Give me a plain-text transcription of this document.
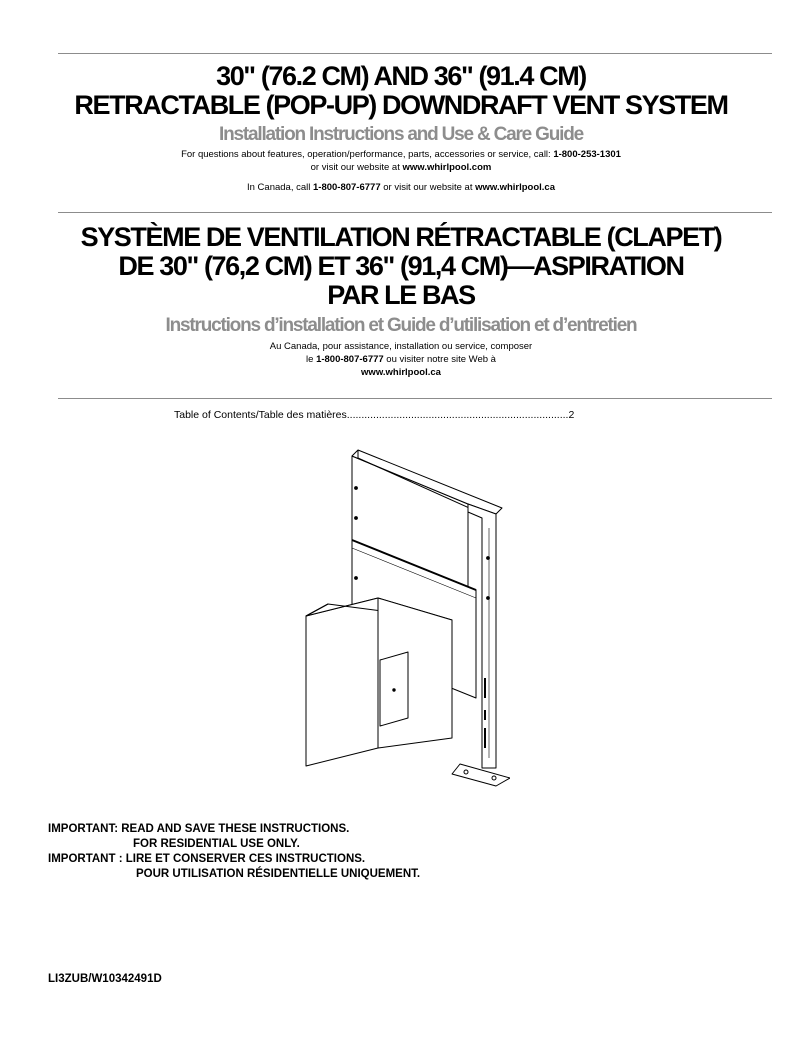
30" (76.2 CM) AND 36" (91.4 CM)

RETRACTABLE (POP-UP) DOWNDRAFT VENT SYSTEM

Installation Instructions and Use & Care Guide

For questions about features, operation/performance, parts, accessories or service, call: 1-800-253-1301

or visit our website at www.whirlpool.com

In Canada, call 1-800-807-6777 or visit our website at www.whirlpool.ca

SYSTÈME DE VENTILATION RÉTRACTABLE (CLAPET)

DE 30" (76,2 CM) ET 36" (91,4 CM)—ASPIRATION

PAR LE BAS

Instructions d’installation et Guide d’utilisation et d’entretien

Au Canada, pour assistance, installation ou service, composer

le 1-800-807-6777 ou visiter notre site Web à

www.whirlpool.ca

Table of Contents/Table des matières............................................................................2
IMPORTANT: READ AND SAVE THESE INSTRUCTIONS.
FOR RESIDENTIAL USE ONLY.
IMPORTANT : LIRE ET CONSERVER CES INSTRUCTIONS.
POUR UTILISATION RÉSIDENTIELLE UNIQUEMENT.
LI3ZUB/W10342491D
